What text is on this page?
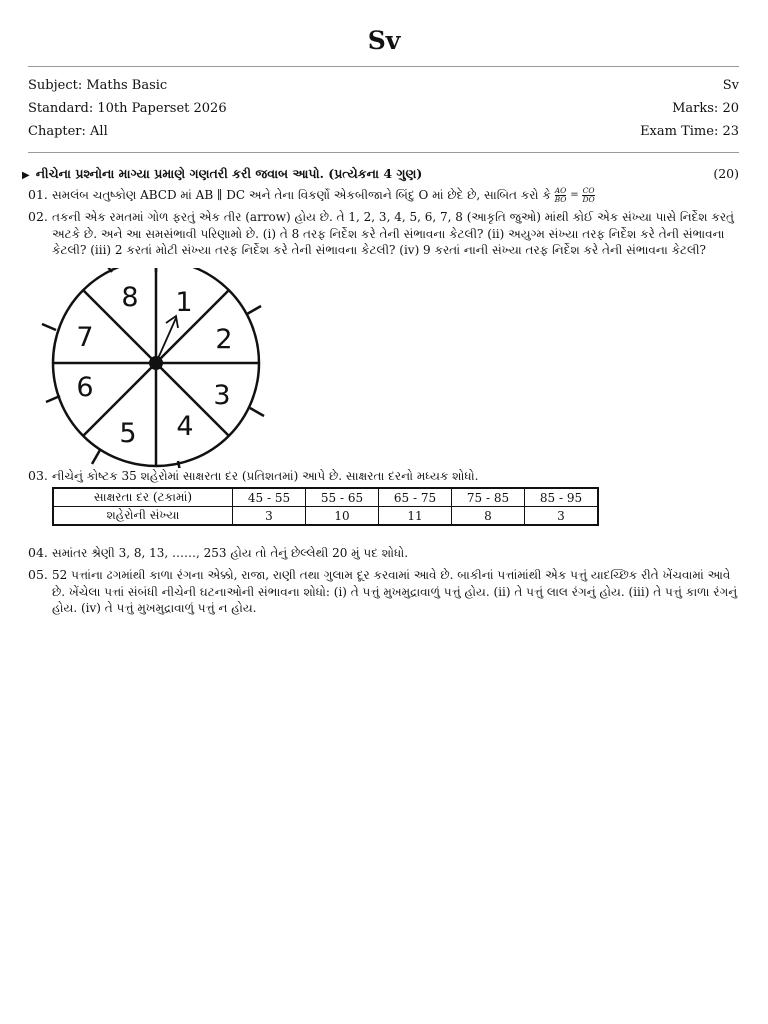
Sv
Subject: Maths Basic	Sv
Standard: 10th Paperset 2026	Marks: 20
Chapter: All	Exam Time: 23
▶ નીચેના પ્રશ્નોના માગ્યા પ્રમાણે ગણતરી કરી જવાબ આપો. (પ્રત્યેકના 4 ગુણ)	(20)
01. સમલંબ ચતુષ્કોણ ABCD માં AB ∥ DC અને તેના વિકર્ણો એકબીજાને બિંદુ O માં છેદે છે, સાબિત કરો કે $\frac{AO}{BO} = \frac{CO}{DO}$
02. તકની એક રમતમાં ગોળ ફરતું એક તીર (arrow) હોય છે. તે 1, 2, 3, 4, 5, 6, 7, 8 (આકૃતિ જુઓ) માંથી કોઈ એક સંખ્યા પાસે નિર્દેશ કરતું અટકે છે. અને આ સમસંભાવી પરિણામો છે. (i) તે 8 તરફ નિર્દેશ કરે તેની સંભાવના કેટલી? (ii) અયુગ્મ સંખ્યા તરફ નિર્દેશ કરે તેની સંભાવના કેટલી? (iii) 2 કરતાં મોટી સંખ્યા તરફ નિર્દેશ કરે તેની સંભાવના કેટલી? (iv) 9 કરતાં નાની સંખ્યા તરફ નિર્દેશ કરે તેની સંભાવના કેટલી?
1
2
3
4
5
6
7
8
03. નીચેનું કોષ્ટક 35 શહેરોમાં સાક્ષરતા દર (પ્રતિશતમાં) આપે છે. સાક્ષરતા દરનો મધ્યક શોધો.
સાક્ષરતા દર (ટકામાં)	45 - 55	55 - 65	65 - 75	75 - 85	85 - 95
શહેરોની સંખ્યા	3	10	11	8	3
04. સમાંતર શ્રેણી 3, 8, 13, ……, 253 હોય તો તેનું છેલ્લેથી 20 મું પદ શોધો.
05. 52 પત્તાંના ઢગમાંથી કાળા રંગના એક્કો, રાજા, રાણી તથા ગુલામ દૂર કરવામાં આવે છે. બાકીનાં પત્તાંમાંથી એક પત્તું યાદચ્છિક રીતે ખેંચવામાં આવે છે. ખેંચેલા પત્તાં સંબંધી નીચેની ઘટનાઓની સંભાવના શોધો: (i) તે પત્તું મુખમુદ્રાવાળું પત્તું હોય. (ii) તે પત્તું લાલ રંગનું હોય. (iii) તે પત્તું કાળા રંગનું હોય. (iv) તે પત્તું મુખમુદ્રાવાળું પત્તું ન હોય.
